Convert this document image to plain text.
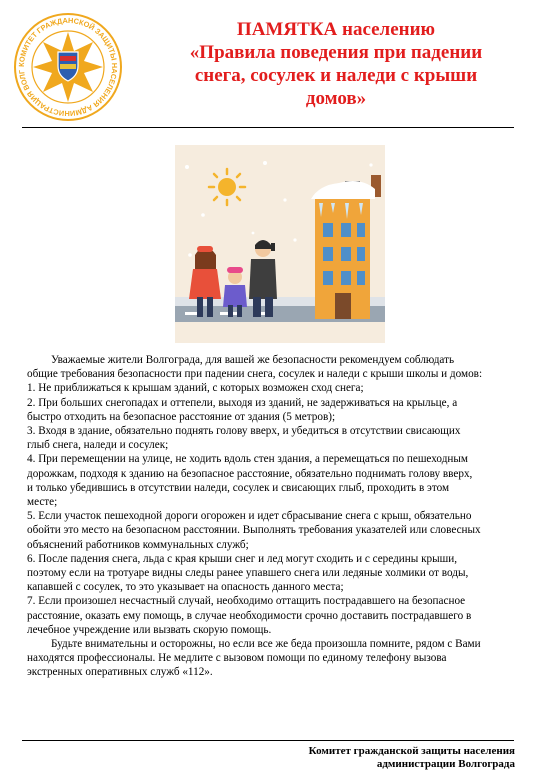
КОМИТЕТ ГРАЖДАНСКОЙ ЗАЩИТЫ НАСЕЛЕНИЯ АДМИНИСТРАЦИЯ ВОЛГ
ПАМЯТКА населению
«Правила поведения при падении
снега, сосулек и наледи с крыши
домов»

Уважаемые жители Волгограда, для вашей же безопасности рекомендуем соблюдать

общие требования безопасности при падении снега, сосулек и наледи с крыши школы и домов:

1. Не приближаться к крышам зданий, с которых возможен сход снега;

2. При больших снегопадах и оттепели, выходя из зданий, не задерживаться на крыльце, а

быстро отходить на безопасное расстояние от здания (5 метров);

3. Входя в здание, обязательно поднять голову вверх, и убедиться в отсутствии свисающих

глыб снега, наледи и сосулек;

4. При перемещении на улице, не ходить вдоль стен здания, а перемещаться по пешеходным

дорожкам, подходя к зданию на безопасное расстояние, обязательно поднимать голову вверх,

и только убедившись в отсутствии наледи, сосулек и свисающих глыб, проходить в этом

месте;

5. Если участок пешеходной дороги огорожен и идет сбрасывание снега с крыш, обязательно

обойти это место на безопасном расстоянии. Выполнять требования указателей или словесных

объяснений работников коммунальных служб;

6. После падения снега, льда с края крыши снег и лед могут сходить и с середины крыши,

поэтому если на тротуаре видны следы ранее упавшего снега или ледяные холмики от воды,

капавшей с сосулек, то это указывает на опасность данного места;

7. Если произошел несчастный случай, необходимо оттащить пострадавшего на безопасное

расстояние, оказать ему помощь, в случае необходимости срочно доставить пострадавшего в

лечебное учреждение или вызвать скорую помощь.

Будьте внимательны и осторожны, но если все же беда произошла помните, рядом с Вами

находятся профессионалы. Не медлите с вызовом помощи по единому телефону вызова

экстренных оперативных служб «112».

Комитет гражданской защиты населения
администрации Волгограда
